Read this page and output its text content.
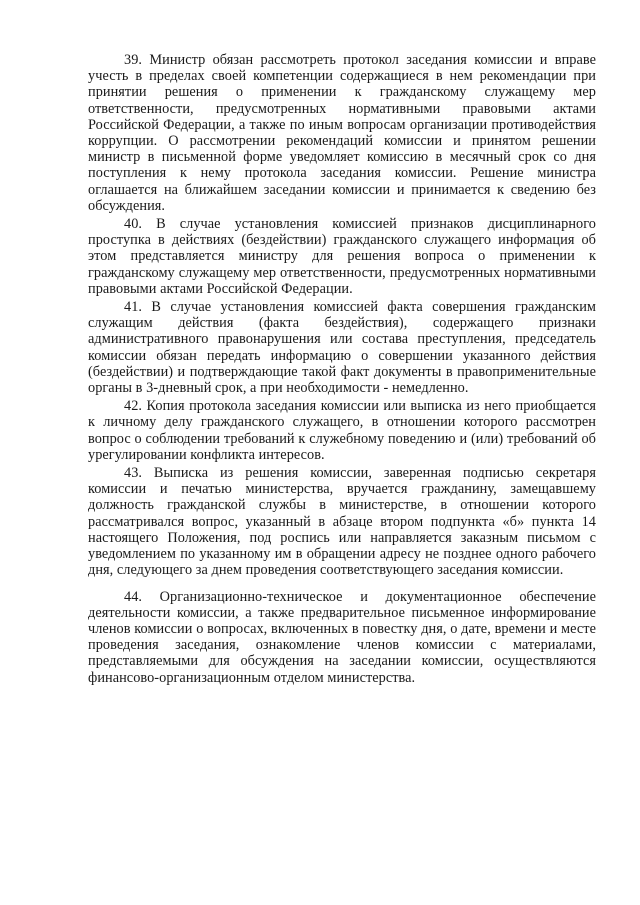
39. Министр обязан рассмотреть протокол заседания комиссии и вправе учесть в пределах своей компетенции содержащиеся в нем рекомендации при принятии решения о применении к гражданскому служащему мер ответственности, предусмотренных нормативными правовыми актами Российской Федерации, а также по иным вопросам организации противодействия коррупции. О рассмотрении рекомендаций комиссии и принятом решении министр в письменной форме уведомляет комиссию в месячный срок со дня поступления к нему протокола заседания комиссии. Решение министра оглашается на ближайшем заседании комиссии и принимается к сведению без обсуждения.

40. В случае установления комиссией признаков дисциплинарного проступка в действиях (бездействии) гражданского служащего информация об этом представляется министру для решения вопроса о применении к гражданскому служащему мер ответственности, предусмотренных нормативными правовыми актами Российской Федерации.

41. В случае установления комиссией факта совершения гражданским служащим действия (факта бездействия), содержащего признаки административного правонарушения или состава преступления, председатель комиссии обязан передать информацию о совершении указанного действия (бездействии) и подтверждающие такой факт документы в правоприменительные органы в 3-дневный срок, а при необходимости - немедленно.

42. Копия протокола заседания комиссии или выписка из него приобщается к личному делу гражданского служащего, в отношении которого рассмотрен вопрос о соблюдении требований к служебному поведению и (или) требований об урегулировании конфликта интересов.

43. Выписка из решения комиссии, заверенная подписью секретаря комиссии и печатью министерства, вручается гражданину, замещавшему должность гражданской службы в министерстве, в отношении которого рассматривался вопрос, указанный в абзаце втором подпункта «б» пункта 14 настоящего Положения, под роспись или направляется заказным письмом с уведомлением по указанному им в обращении адресу не позднее одного рабочего дня, следующего за днем проведения соответствующего заседания комиссии.

44. Организационно-техническое и документационное обеспечение деятельности комиссии, а также предварительное письменное информирование членов комиссии о вопросах, включенных в повестку дня, о дате, времени и месте проведения заседания, ознакомление членов комиссии с материалами, представляемыми для обсуждения на заседании комиссии, осуществляются финансово-организационным отделом министерства.
